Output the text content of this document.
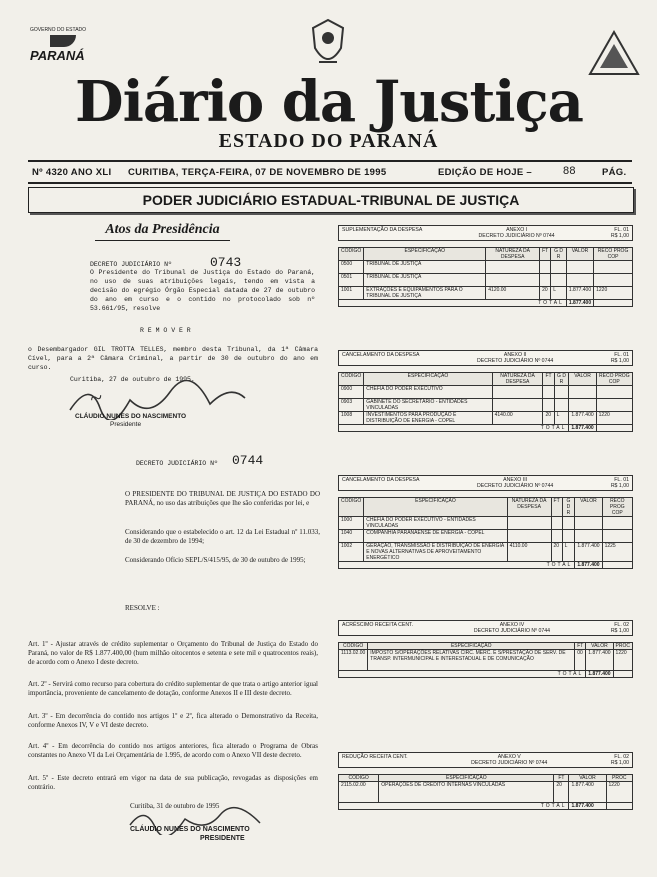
GOVERNO DO ESTADO
PARANÁ
Diário da Justiça
ESTADO DO PARANÁ
Nº 4320 ANO XLI CURITIBA, TERÇA-FEIRA, 07 DE NOVEMBRO DE 1995	EDIÇÃO DE HOJE –	88	PÁG.
PODER JUDICIÁRIO ESTADUAL-TRIBUNAL DE JUSTIÇA
Atos da Presidência
DECRETO JUDICIÁRIO Nº	0743
O Presidente do Tribunal de Justiça do Estado do Paraná, no uso de suas atribuições legais, tendo em vista a decisão do egrégio Órgão Especial datada de 27 de outubro do ano em curso e o contido no protocolado sob nº 53.661/95, resolve
R E M O V E R
o Desembargador GIL TROTTA TELLES, membro desta Tribunal, da 1ª Câmara Cível, para a 2ª Câmara Criminal, a partir de 30 de outubro do ano em curso.
Curitiba, 27 de outubro de 1995.
~
CLÁUDIO NUNES DO NASCIMENTO
Presidente
DECRETO JUDICIÁRIO Nº 0744
O PRESIDENTE DO TRIBUNAL DE JUSTIÇA DO ESTADO DO PARANÁ, no uso das atribuições que lhe são conferidas por lei, e
Considerando que o estabelecido o art. 12 da Lei Estadual nº 11.033, de 30 de dezembro de 1994;
Considerando Ofício SEPL/S/415/95, de 30 de outubro de 1995;
RESOLVE :
Art. 1º - Ajustar através de crédito suplementar o Orçamento do Tribunal de Justiça do Estado do Paraná, no valor de R$ 1.877.400,00 (hum milhão oitocentos e setenta e sete mil e quatrocentos reais), de acordo com o Anexo I deste decreto.
Art. 2º - Servirá como recurso para cobertura do crédito suplementar de que trata o artigo anterior igual importância, proveniente de cancelamento de dotação, conforme Anexos II e III deste decreto.
Art. 3º - Em decorrência do contido nos artigos 1º e 2º, fica alterado o Demonstrativo da Receita, conforme Anexos IV, V e VI deste decreto.
Art. 4º - Em decorrência do contido nos artigos anteriores, fica alterado o Programa de Obras constantes no Anexo VI da Lei Orçamentária de 1.995, de acordo com o Anexo VII deste decreto.
Art. 5º - Este decreto entrará em vigor na data de sua publicação, revogadas as disposições em contrário.
Curitiba, 31 de outubro de 1995
CLÁUDIO NUNES DO NASCIMENTO
PRESIDENTE
SUPLEMENTAÇÃO DA DESPESA	ANEXO I
DECRETO JUDICIÁRIO Nº 0744
FL. 01
R$ 1,00
CÓDIGO	ESPECIFICAÇÃO	NATUREZA DA DESPESA	FT	G D R	VALOR	RECO PROG COP
0500	TRIBUNAL DE JUSTIÇA					
0501	TRIBUNAL DE JUSTIÇA					
1001	EXTRAÇÕES E EQUIPAMENTOS PARA O TRIBUNAL DE JUSTIÇA	4120.00	20	L	1.877.400	1220
TOTAL					1.877.400	
CANCELAMENTO DA DESPESA	ANEXO II
DECRETO JUDICIÁRIO Nº 0744
FL. 01
R$ 1,00
CÓDIGO	ESPECIFICAÇÃO	NATUREZA DA DESPESA	FT	G D R	VALOR	RECO PROG COP
0900	CHEFIA DO PODER EXECUTIVO					
0903	GABINETE DO SECRETÁRIO - ENTIDADES VINCULADAS					
1008	INVESTIMENTOS PARA PRODUÇÃO E DISTRIBUIÇÃO DE ENERGIA - COPEL	4140.00	20	L	1.877.400	1220
TOTAL					1.877.400	
CANCELAMENTO DA DESPESA	ANEXO III
DECRETO JUDICIÁRIO Nº 0744
FL. 01
R$ 1,00
CÓDIGO	ESPECIFICAÇÃO	NATUREZA DA DESPESA	FT	G D R	VALOR	RECO PROG COP
1000	CHEFIA DO PODER EXECUTIVO - ENTIDADES VINCULADAS					
1040	COMPANHIA PARANAENSE DE ENERGIA - COPEL					
1002	GERAÇÃO, TRANSMISSÃO E DISTRIBUIÇÃO DE ENERGIA E NOVAS ALTERNATIVAS DE APROVEITAMENTO ENERGÉTICO	4110.00	20	L	1.877.400	1225
TOTAL					1.877.400	
ACRÉSCIMO RECEITA CENT.	ANEXO IV
DECRETO JUDICIÁRIO Nº 0744
FL. 02
R$ 1,00
CÓDIGO	ESPECIFICAÇÃO	FT	VALOR	PROC
1113.02.00	IMPOSTO S/OPERAÇÕES RELATIVAS CIRC. MERC. E S/PRESTAÇÃO DE SERV. DE TRANSP. INTERMUNICIPAL E INTERESTADUAL E DE COMUNICAÇÃO	00	1.877.400	1220
TOTAL			1.877.400	
REDUÇÃO RECEITA CENT.	ANEXO V
DECRETO JUDICIÁRIO Nº 0744
FL. 02
R$ 1,00
CÓDIGO	ESPECIFICAÇÃO	FT	VALOR	PROC
2115.02.00	OPERAÇÕES DE CRÉDITO INTERNAS VINCULADAS	20	1.877.400	1220
TOTAL			1.877.400	
